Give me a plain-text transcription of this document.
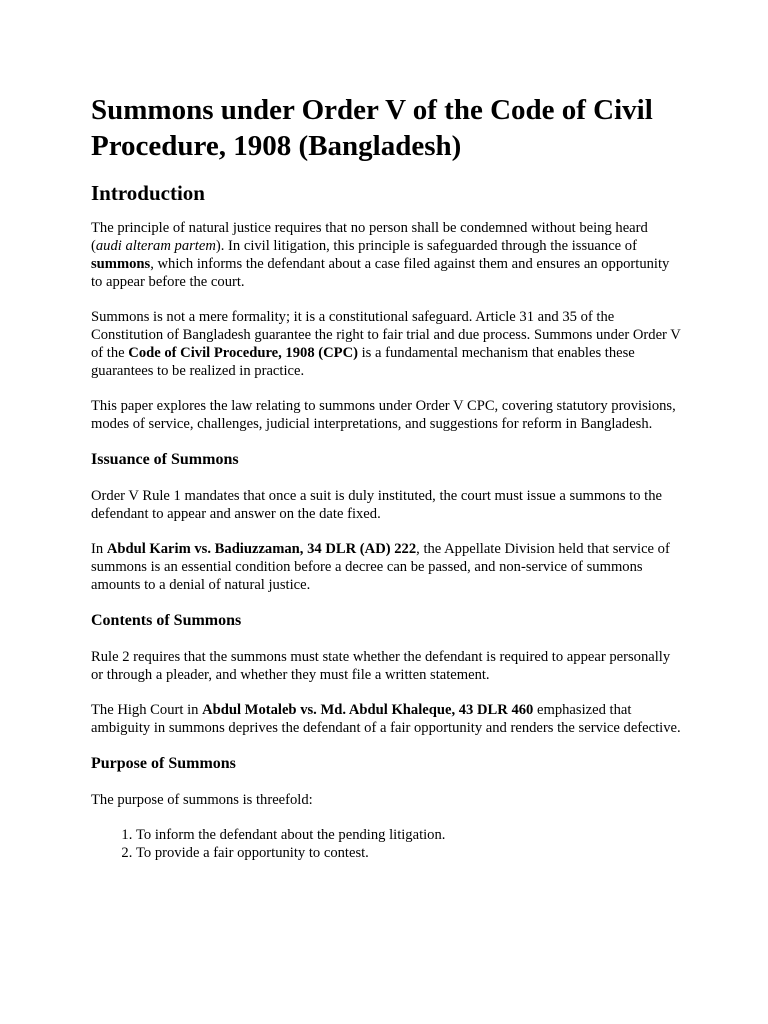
Summons under Order V of the Code of Civil Procedure, 1908 (Bangladesh)
Introduction

The principle of natural justice requires that no person shall be condemned without being heard (audi alteram partem). In civil litigation, this principle is safeguarded through the issuance of summons, which informs the defendant about a case filed against them and ensures an opportunity to appear before the court.

Summons is not a mere formality; it is a constitutional safeguard. Article 31 and 35 of the Constitution of Bangladesh guarantee the right to fair trial and due process. Summons under Order V of the Code of Civil Procedure, 1908 (CPC) is a fundamental mechanism that enables these guarantees to be realized in practice.

This paper explores the law relating to summons under Order V CPC, covering statutory provisions, modes of service, challenges, judicial interpretations, and suggestions for reform in Bangladesh.

Issuance of Summons

Order V Rule 1 mandates that once a suit is duly instituted, the court must issue a summons to the defendant to appear and answer on the date fixed.

In Abdul Karim vs. Badiuzzaman, 34 DLR (AD) 222, the Appellate Division held that service of summons is an essential condition before a decree can be passed, and non-service of summons amounts to a denial of natural justice.

Contents of Summons

Rule 2 requires that the summons must state whether the defendant is required to appear personally or through a pleader, and whether they must file a written statement.

The High Court in Abdul Motaleb vs. Md. Abdul Khaleque, 43 DLR 460 emphasized that ambiguity in summons deprives the defendant of a fair opportunity and renders the service defective.

Purpose of Summons

The purpose of summons is threefold:

1. To inform the defendant about the pending litigation.
2. To provide a fair opportunity to contest.
